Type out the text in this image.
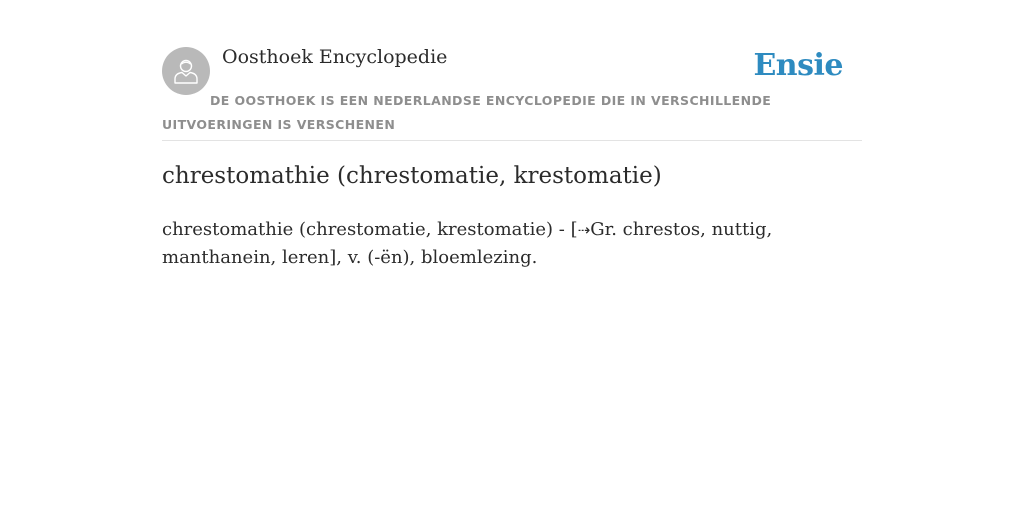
Oosthoek Encyclopedie	Ensie
DE OOSTHOEK IS EEN NEDERLANDSE ENCYCLOPEDIE DIE IN VERSCHILLENDE UITVOERINGEN IS VERSCHENEN
chrestomathie (chrestomatie, krestomatie)

chrestomathie (chrestomatie, krestomatie) - [⇢Gr. chrestos, nuttig, manthanein, leren], v. (-ën), bloemlezing.
